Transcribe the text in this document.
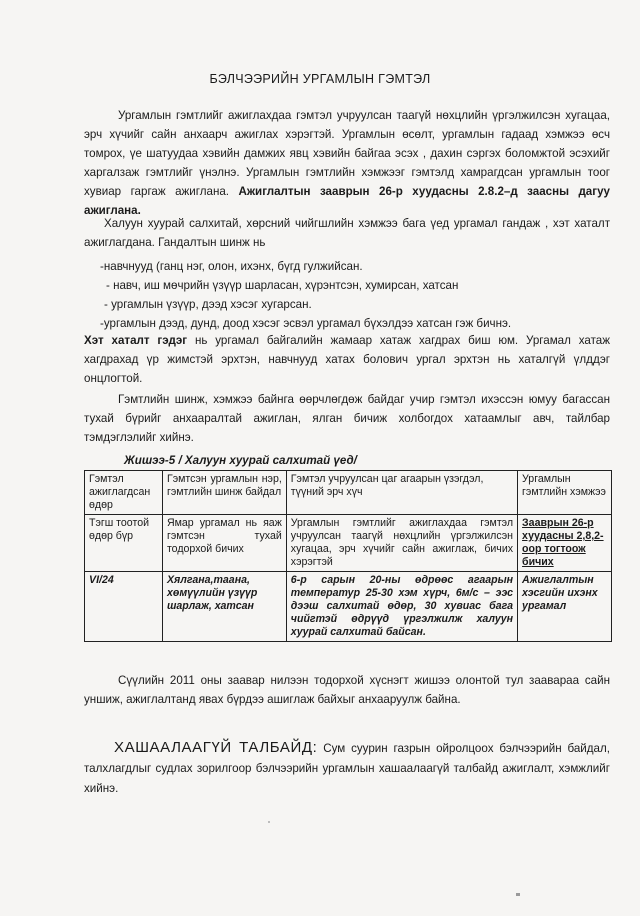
БЭЛЧЭЭРИЙН УРГАМЛЫН ГЭМТЭЛ

Ургамлын гэмтлийг ажиглахдаа гэмтэл учруулсан таагүй нөхцлийн үргэлжилсэн хугацаа, эрч хүчийг сайн анхаарч ажиглах хэрэгтэй. Ургамлын өсөлт, ургамлын гадаад хэмжээ өсч томрох, үе шатуудаа хэвийн дамжих явц хэвийн байгаа эсэх , дахин сэргэх боломжтой эсэхийг харгалзаж гэмтлийг үнэлнэ. Ургамлын гэмтлийн хэмжээг гэмтэлд хамрагдсан ургамлын тоог хувиар гаргаж ажиглана. Ажиглалтын зааврын 26-р хуудасны 2.8.2–д заасны дагуу ажиглана.

Халуун хуурай салхитай, хөрсний чийгшлийн хэмжээ бага үед ургамал гандаж , хэт хаталт ажиглагдана. Гандалтын шинж нь

-навчнууд (ганц нэг, олон, ихэнх, бүгд гулжийсан.
- навч, иш мөчрийн үзүүр шарласан, хүрэнтсэн, хумирсан, хатсан
- ургамлын үзүүр, дээд хэсэг хугарсан.
-ургамлын дээд, дунд, доод хэсэг эсвэл ургамал бүхэлдээ хатсан гэж бичнэ.

Хэт хаталт гэдэг нь ургамал байгалийн жамаар хатаж хагдрах биш юм. Ургамал хатаж хагдрахад үр жимстэй эрхтэн, навчнууд хатах болович ургал эрхтэн нь хаталгүй үлддэг онцлогтой.

Гэмтлийн шинж, хэмжээ байнга өөрчлөгдөж байдаг учир гэмтэл ихэссэн юмуу багассан тухай бүрийг анхааралтай ажиглан, ялган бичиж холбогдох хатаамлыг авч, тайлбар тэмдэглэлийг хийнэ.

Жишээ-5 / Халуун хуурай салхитай үед/
Гэмтэл ажиглагдсан өдөр	Гэмтсэн ургамлын нэр, гэмтлийн шинж байдал	Гэмтэл учруулсан цаг агаарын үзэгдэл, түүний эрч хүч	Ургамлын гэмтлийн хэмжээ
Тэгш тоотой өдөр бүр	Ямар ургамал нь яаж гэмтсэн тухай тодорхой бичих	Ургамлын гэмтлийг ажиглахдаа гэмтэл учруулсан таагүй нөхцлийн үргэлжилсэн хугацаа, эрч хүчийг сайн ажиглаж, бичих хэрэгтэй	Зааврын 26-р хуудасны 2,8,2-оор тогтоож бичих
VI/24	Хялгана,таана, хөмүүлийн үзүүр шарлаж, хатсан	6-р сарын 20-ны өдрөөс агаарын температур 25-30 хэм хүрч, 6м/с – ээс дээш салхитай өдөр, 30 хувиас бага чийгтэй өдрүүд үргэлжилж халуун хуурай салхитай байсан.	Ажиглалтын хэсгийн ихэнх ургамал

Сүүлийн 2011 оны заавар нилээн тодорхой хүснэгт жишээ олонтой тул заавараа сайн уншиж, ажиглалтанд явах бүрдээ ашиглаж байхыг анхааруулж байна.

ХАШААЛААГҮЙ ТАЛБАЙД: Сум суурин газрын ойролцоох бэлчээрийн байдал, талхлагдлыг судлах зорилгоор бэлчээрийн ургамлын хашаалаагүй талбайд ажиглалт, хэмжлийг хийнэ.
